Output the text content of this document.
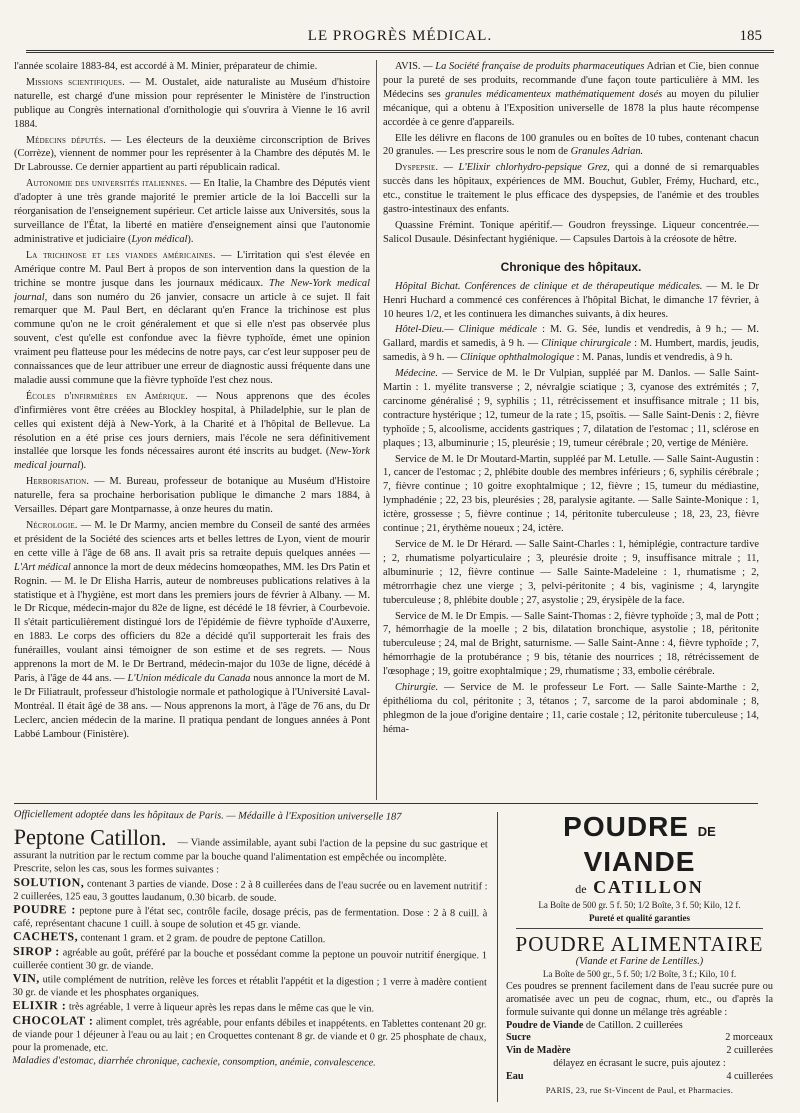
LE PROGRÈS MÉDICAL.	185

l'année scolaire 1883-84, est accordé à M. Minier, préparateur de chimie.

Missions scientifiques. — M. Oustalet, aide naturaliste au Muséum d'histoire naturelle, est chargé d'une mission pour représenter le Ministère de l'instruction publique au Congrès international d'ornithologie qui s'ouvrira à Vienne le 16 avril 1884.

Médecins députés. — Les électeurs de la deuxième circonscription de Brives (Corrèze), viennent de nommer pour les représenter à la Chambre des députés M. le Dr Labrousse. Ce dernier appartient au parti républicain radical.

Autonomie des universités italiennes. — En Italie, la Chambre des Députés vient d'adopter à une très grande majorité le premier article de la loi Baccelli sur la réorganisation de l'enseignement supérieur. Cet article laisse aux Universités, sous la surveillance de l'État, la liberté en matière d'enseignement ainsi que l'autonomie administrative et judiciaire (Lyon médical).

La trichinose et les viandes américaines. — L'irritation qui s'est élevée en Amérique contre M. Paul Bert à propos de son intervention dans la question de la trichine se montre jusque dans les journaux médicaux. The New-York medical journal, dans son numéro du 26 janvier, consacre un article à ce sujet. Il fait remarquer que M. Paul Bert, en déclarant qu'en France la trichinose est plus commune qu'on ne le croit généralement et que si elle n'est pas observée plus souvent, c'est qu'elle est confondue avec la fièvre typhoïde, émet une opinion vraiment peu flatteuse pour les médecins de notre pays, car c'est leur supposer peu de connaissances que de leur attribuer une erreur de diagnostic aussi fréquente dans une maladie aussi commune que la fièvre typhoïde l'est chez nous.

Écoles d'infirmières en Amérique. — Nous apprenons que des écoles d'infirmières vont être créées au Blockley hospital, à Philadelphie, sur le plan de celles qui existent déjà à New-York, à la Charité et à l'hôpital de Bellevue. La résolution en a été prise ces jours derniers, mais l'école ne sera définitivement installée que lorsque les fonds nécessaires auront été inscrits au budget. (New-York medical journal).

Herborisation. — M. Bureau, professeur de botanique au Muséum d'Histoire naturelle, fera sa prochaine herborisation publique le dimanche 2 mars 1884, à Versailles. Départ gare Montparnasse, à onze heures du matin.

Nécrologie. — M. le Dr Marmy, ancien membre du Conseil de santé des armées et président de la Société des sciences arts et belles lettres de Lyon, vient de mourir en cette ville à l'âge de 68 ans. Il avait pris sa retraite depuis quelques années — L'Art médical annonce la mort de deux médecins homœopathes, MM. les Drs Patin et Rognin. — M. le Dr Elisha Harris, auteur de nombreuses publications relatives à la statistique et à l'hygiène, est mort dans les premiers jours de février à Albany. — M. le Dr Ricque, médecin-major du 82e de ligne, est décédé le 18 février, à Courbevoie. Il s'était particulièrement distingué lors de l'épidémie de fièvre typhoïde d'Auxerre, en 1883. Le corps des officiers du 82e a décidé qu'il supporterait les frais des funérailles, voulant ainsi témoigner de son estime et de ses regrets. — Nous apprenons la mort de M. le Dr Bertrand, médecin-major du 103e de ligne, décédé à Paris, à l'âge de 44 ans. — L'Union médicale du Canada nous annonce la mort de M. le Dr Filiatrault, professeur d'histologie normale et pathologique à l'Université Laval-Montréal. Il était âgé de 38 ans. — Nous apprenons la mort, à l'âge de 76 ans, du Dr Leclerc, ancien médecin de la marine. Il pratiqua pendant de longues années à Pont Labbé Lambour (Finistère).

AVIS. — La Société française de produits pharmaceutiques Adrian et Cie, bien connue pour la pureté de ses produits, recommande d'une façon toute particulière à MM. les Médecins ses granules médicamenteux mathématiquement dosés au moyen du pilulier mécanique, qui a obtenu à l'Exposition universelle de 1878 la plus haute récompense accordée à ce genre d'appareils.

Elle les délivre en flacons de 100 granules ou en boîtes de 10 tubes, contenant chacun 20 granules. — Les prescrire sous le nom de Granules Adrian.

Dyspepsie. — L'Elixir chlorhydro-pepsique Grez, qui a donné de si remarquables succès dans les hôpitaux, expériences de MM. Bouchut, Gubler, Frémy, Huchard, etc., etc., constitue le traitement le plus efficace des dyspepsies, de l'anémie et des troubles gastro-intestinaux des enfants.

Quassine Frémint. Tonique apéritif.— Goudron freyssinge. Liqueur concentrée.— Salicol Dusaule. Désinfectant hygiénique. — Capsules Dartois à la créosote de hêtre.

Chronique des hôpitaux.

Hôpital Bichat. Conférences de clinique et de thérapeutique médicales. — M. le Dr Henri Huchard a commencé ces conférences à l'hôpital Bichat, le dimanche 17 février, à 10 heures 1/2, et les continuera les dimanches suivants, à dix heures.

Hôtel-Dieu.— Clinique médicale : M. G. Sée, lundis et vendredis, à 9 h.; — M. Gallard, mardis et samedis, à 9 h. — Clinique chirurgicale : M. Humbert, mardis, jeudis, samedis, à 9 h. — Clinique ophthalmologique : M. Panas, lundis et vendredis, à 9 h.

Médecine. — Service de M. le Dr Vulpian, suppléé par M. Danlos. — Salle Saint-Martin : 1. myélite transverse ; 2, névralgie sciatique ; 3, cyanose des extrémités ; 7, carcinome généralisé ; 9, syphilis ; 11, rétrécissement et insuffisance mitrale ; 11 bis, contracture hystérique ; 12, tumeur de la rate ; 15, psoïtis. — Salle Saint-Denis : 2, fièvre typhoïde ; 5, alcoolisme, accidents gastriques ; 7, dilatation de l'estomac ; 11, sclérose en plaques ; 13, albuminurie ; 15, pleurésie ; 19, tumeur cérébrale ; 20, vertige de Ménière.

Service de M. le Dr Moutard-Martin, suppléé par M. Letulle. — Salle Saint-Augustin : 1, cancer de l'estomac ; 2, phlébite double des membres inférieurs ; 6, syphilis cérébrale ; 7, fièvre continue ; 10 goitre exophtalmique ; 12, fièvre ; 15, tumeur du médiastine, lymphadénie ; 22, 23 bis, pleurésies ; 28, paralysie agitante. — Salle Sainte-Monique : 1, ictère, grossesse ; 5, fièvre continue ; 14, péritonite tuberculeuse ; 18, 23, 23, fièvre continue ; 21, érythème noueux ; 24, ictère.

Service de M. le Dr Hérard. — Salle Saint-Charles : 1, hémiplégie, contracture tardive ; 2, rhumatisme polyarticulaire ; 3, pleurésie droite ; 9, insuffisance mitrale ; 11, albuminurie ; 12, fièvre continue — Salle Sainte-Madeleine : 1, rhumatisme ; 2, métrorrhagie chez une vierge ; 3, pelvi-péritonite ; 4 bis, vaginisme ; 4, laryngite tuberculeuse ; 8, phlébite double ; 27, asystolie ; 29, érysipèle de la face.

Service de M. le Dr Empis. — Salle Saint-Thomas : 2, fièvre typhoïde ; 3, mal de Pott ; 7, hémorrhagie de la moelle ; 2 bis, dilatation bronchique, asystolie ; 18, péritonite tuberculeuse ; 24, mal de Bright, saturnisme. — Salle Saint-Anne : 4, fièvre typhoïde ; 7, hémorrhagie de la protubérance ; 9 bis, tétanie des nourrices ; 18, rétrécissement de l'œsophage ; 19, goitre exophtalmique ; 29, rhumatisme ; 33, embolie cérébrale.

Chirurgie. — Service de M. le professeur Le Fort. — Salle Sainte-Marthe : 2, épithélioma du col, péritonite ; 3, tétanos ; 7, sarcome de la paroi abdominale ; 8, phlegmon de la joue d'origine dentaire ; 11, carie costale ; 12, péritonite tuberculeuse ; 14, héma-

Officiellement adoptée dans les hôpitaux de Paris. — Médaille à l'Exposition universelle 187

Peptone Catillon. — Viande assimilable, ayant subi l'action de la pepsine du suc gastrique et assurant la nutrition par le rectum comme par la bouche quand l'alimentation est empêchée ou incomplète.

Prescrite, selon les cas, sous les formes suivantes :

SOLUTION, contenant 3 parties de viande. Dose : 2 à 8 cuillerées dans de l'eau sucrée ou en lavement nutritif : 2 cuillerées, 125 eau, 3 gouttes laudanum, 0.30 bicarb. de soude.

POUDRE : peptone pure à l'état sec, contrôle facile, dosage précis, pas de fermentation. Dose : 2 à 8 cuill. à café, représentant chacune 1 cuill. à soupe de solution et 45 gr. viande.

CACHETS, contenant 1 gram. et 2 gram. de poudre de peptone Catillon.

SIROP : agréable au goût, préféré par la bouche et possédant comme la peptone un pouvoir nutritif énergique. 1 cuillerée contient 30 gr. de viande.

VIN, utile complément de nutrition, relève les forces et rétablit l'appétit et la digestion ; 1 verre à madère contient 30 gr. de viande et les phosphates organiques.

ELIXIR : très agréable, 1 verre à liqueur après les repas dans le même cas que le vin.

CHOCOLAT : aliment complet, très agréable, pour enfants débiles et inappétents. en Tablettes contenant 20 gr. de viande pour 1 déjeuner à l'eau ou au lait ; en Croquettes contenant 8 gr. de viande et 0 gr. 25 phosphate de chaux, pour la promenade, etc.

Maladies d'estomac, diarrhée chronique, cachexie, consomption, anémie, convalescence.

POUDRE DE VIANDE
de CATILLON

La Boîte de 500 gr. 5 f. 50; 1/2 Boîte, 3 f. 50; Kilo, 12 f.

Pureté et qualité garanties

POUDRE ALIMENTAIRE

(Viande et Farine de Lentilles.)

La Boîte de 500 gr., 5 f. 50; 1/2 Boîte, 3 f.; Kilo, 10 f.

Ces poudres se prennent facilement dans de l'eau sucrée pure ou aromatisée avec un peu de cognac, rhum, etc., ou d'après la formule suivante qui donne un mélange très agréable :

Poudre de Viande de Catillon. 2 cuillerées

Sucre	2 morceaux
Vin de Madère	2 cuillerées

délayez en écrasant le sucre, puis ajoutez :

Eau	4 cuillerées

PARIS, 23, rue St-Vincent de Paul, et Pharmacies.
